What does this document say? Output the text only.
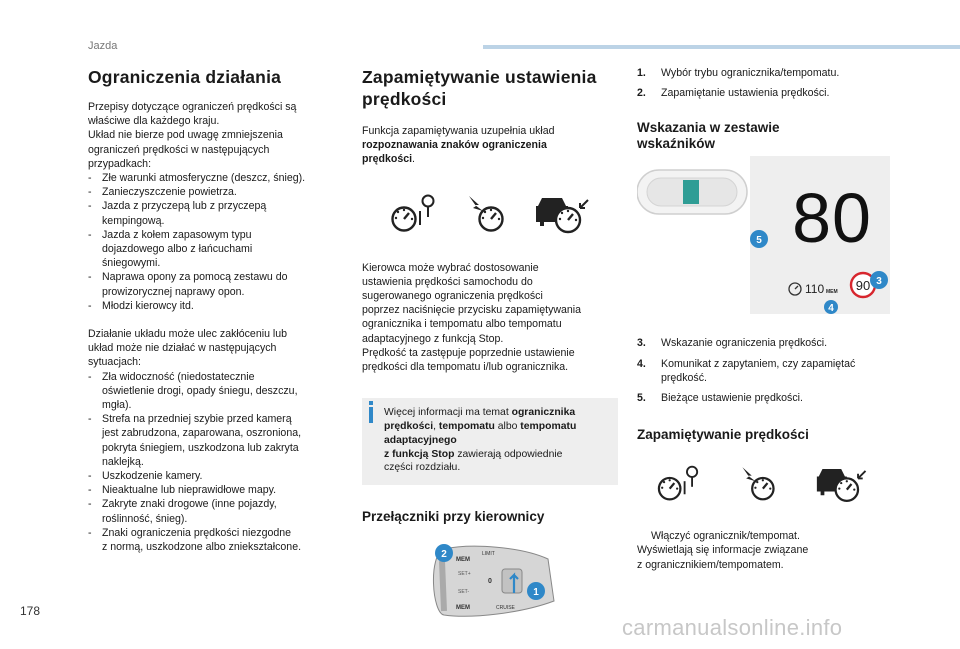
Jazda
Ograniczenia działania
Przepisy dotyczące ograniczeń prędkości są
właściwe dla każdego kraju.
Układ nie bierze pod uwagę zmniejszenia
ograniczeń prędkości w następujących
przypadkach:
- Złe warunki atmosferyczne (deszcz, śnieg).
- Zanieczyszczenie powietrza.
- Jazda z przyczepą lub z przyczepą
kempingową.
- Jazda z kołem zapasowym typu
dojazdowego albo z łańcuchami
śniegowymi.
- Naprawa opony za pomocą zestawu do
prowizorycznej naprawy opon.
- Młodzi kierowcy itd.
Działanie układu może ulec zakłóceniu lub
układ może nie działać w następujących
sytuacjach:
- Zła widoczność (niedostatecznie
oświetlenie drogi, opady śniegu, deszczu,
mgła).
- Strefa na przedniej szybie przed kamerą
jest zabrudzona, zaparowana, oszroniona,
pokryta śniegiem, uszkodzona lub zakryta
naklejką.
- Uszkodzenie kamery.
- Nieaktualne lub nieprawidłowe mapy.
- Zakryte znaki drogowe (inne pojazdy,
roślinność, śnieg).
- Znaki ograniczenia prędkości niezgodne
z normą, uszkodzone albo zniekształcone.
Zapamiętywanie ustawienia
prędkości
Funkcja zapamiętywania uzupełnia układ
rozpoznawania znaków ograniczenia
prędkości.
Kierowca może wybrać dostosowanie
ustawienia prędkości samochodu do
sugerowanego ograniczenia prędkości
poprzez naciśnięcie przycisku zapamiętywania
ogranicznika i tempomatu albo tempomatu
adaptacyjnego z funkcją Stop.
Prędkość ta zastępuje poprzednie ustawienie
prędkości dla tempomatu i/lub ogranicznika.
Więcej informacji ma temat ogranicznika
prędkości, tempomatu albo tempomatu
adaptacyjnego
z funkcją Stop zawierają odpowiednie
części rozdziału.
Przełączniki przy kierownicy
MEM
LIMIT
SET+
SET-
0
CRUISE
MEM
2
1
1.	Wybór trybu ogranicznika/tempomatu.
2.	Zapamiętanie ustawienia prędkości.
Wskazania w zestawie
wskaźników
80
5
110 MEM 90 3
4
3.	Wskazanie ograniczenia prędkości.
4.	Komunikat z zapytaniem, czy zapamiętać
prędkość.
5.	Bieżące ustawienie prędkości.
Zapamiętywanie prędkości
Włączyć ogranicznik/tempomat.
Wyświetlają się informacje związane
z ogranicznikiem/tempomatem.
178
carmanualsonline.info
